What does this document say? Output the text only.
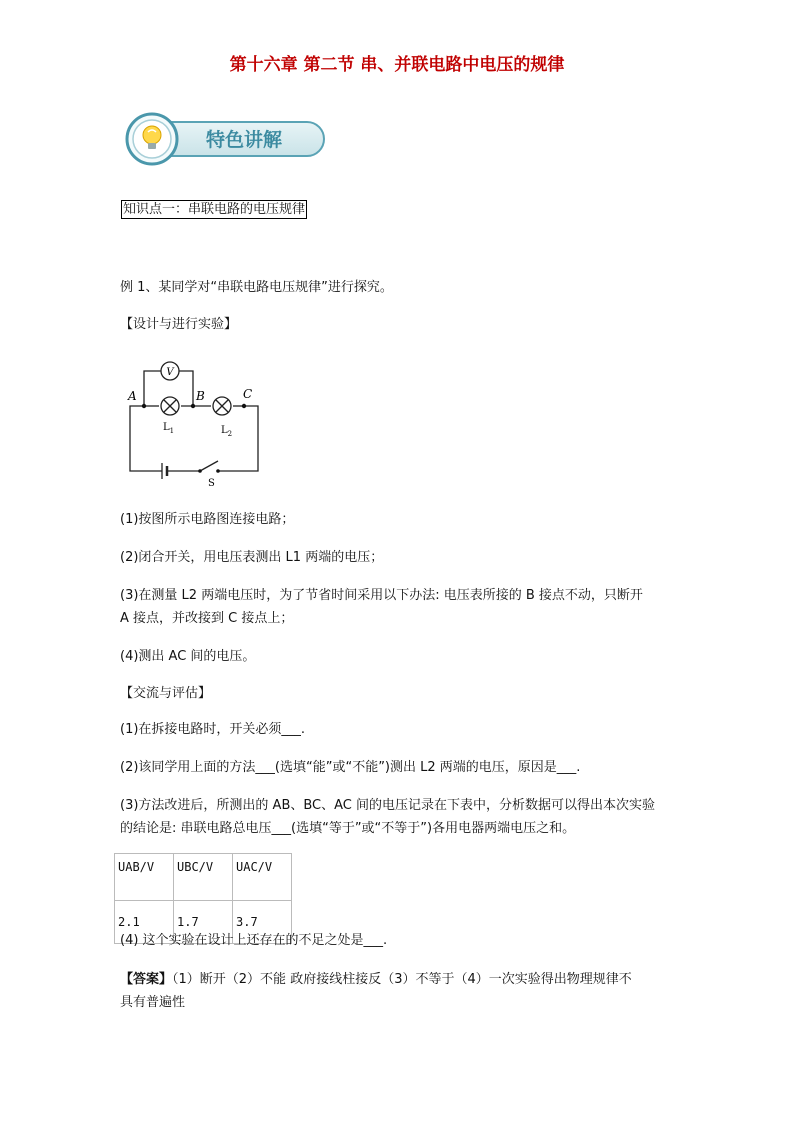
第十六章 第二节 串、并联电路中电压的规律
特色讲解
知识点一：串联电路的电压规律
例 1、某同学对“串联电路电压规律”进行探究。
【设计与进行实验】
V
A	B	C
$L_1$	$L_2$
S
(1)按图所示电路图连接电路；
(2)闭合开关，用电压表测出 L1 两端的电压；
(3)在测量 L2 两端电压时，为了节省时间采用以下办法: 电压表所接的 B 接点不动，只断开
A 接点，并改接到 C 接点上；
(4)测出 AC 间的电压。
【交流与评估】
(1)在拆接电路时，开关必须___.
(2)该同学用上面的方法___(选填“能”或“不能”)测出 L2 两端的电压，原因是___.
(3)方法改进后，所测出的 AB、BC、AC 间的电压记录在下表中，分析数据可以得出本次实验
的结论是: 串联电路总电压___(选填“等于”或“不等于”)各用电器两端电压之和。
UAB/V	UBC/V	UAC/V
2.1	1.7	3.7
(4) 这个实验在设计上还存在的不足之处是___.
【答案】（1）断开（2）不能 政府接线柱接反（3）不等于（4）一次实验得出物理规律不
具有普遍性
